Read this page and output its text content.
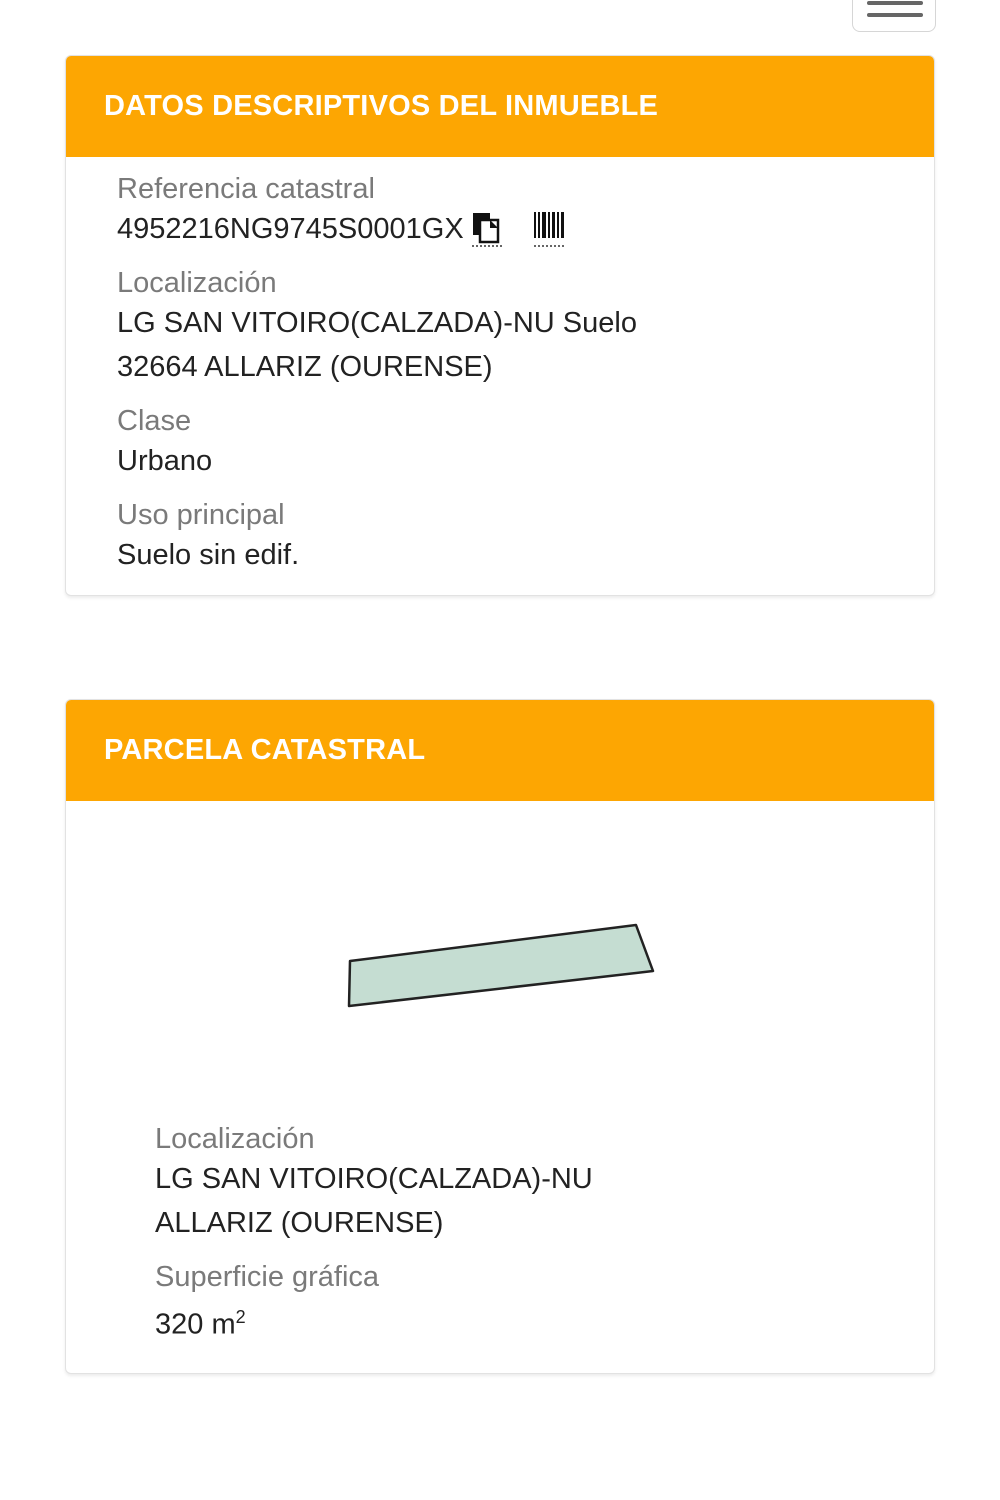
DATOS DESCRIPTIVOS DEL INMUEBLE

Referencia catastral

4952216NG9745S0001GX

Localización

LG SAN VITOIRO(CALZADA)-NU Suelo

32664 ALLARIZ (OURENSE)

Clase

Urbano

Uso principal

Suelo sin edif.

PARCELA CATASTRAL

Localización

LG SAN VITOIRO(CALZADA)-NU

ALLARIZ (OURENSE)

Superficie gráfica

320 $m^2$
